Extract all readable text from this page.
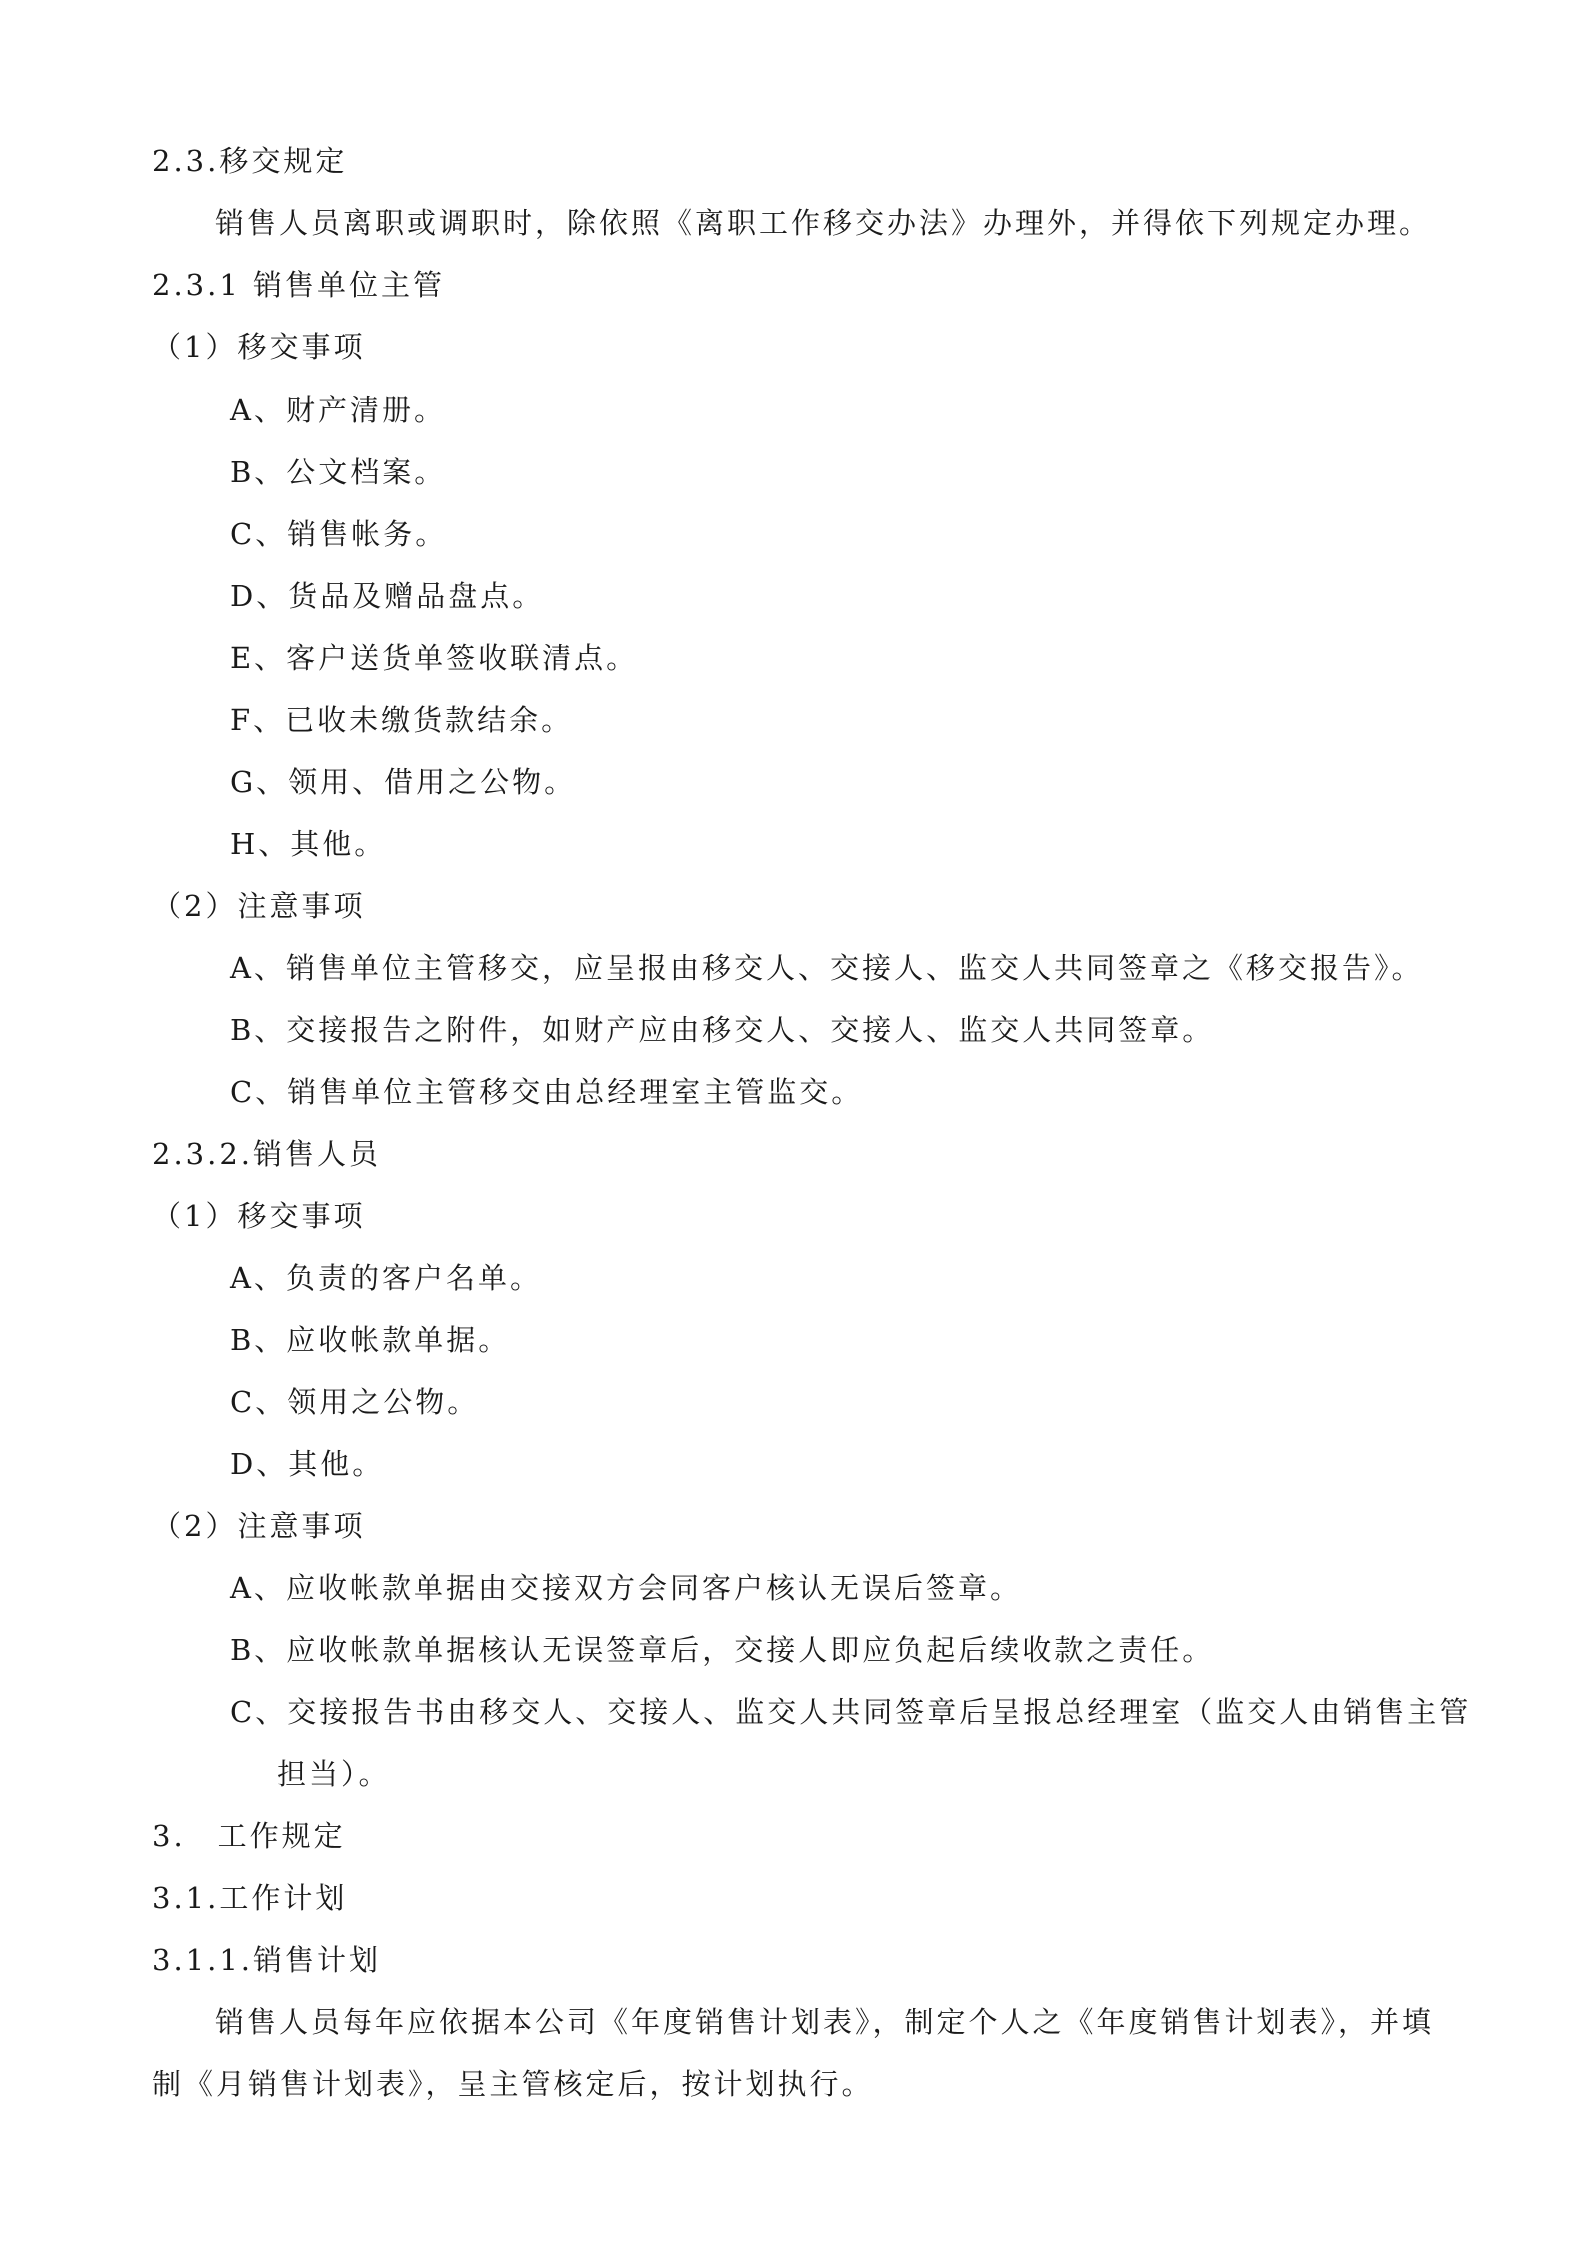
2.3.移交规定
销售人员离职或调职时，除依照《离职工作移交办法》办理外，并得依下列规定办理。
2.3.1 销售单位主管
（1）移交事项
A、财产清册。
B、公文档案。
C、销售帐务。
D、货品及赠品盘点。
E、客户送货单签收联清点。
F、已收未缴货款结余。
G、领用、借用之公物。
H、其他。
（2）注意事项
A、销售单位主管移交，应呈报由移交人、交接人、监交人共同签章之《移交报告》。
B、交接报告之附件，如财产应由移交人、交接人、监交人共同签章。
C、销售单位主管移交由总经理室主管监交。
2.3.2.销售人员
（1）移交事项
A、负责的客户名单。
B、应收帐款单据。
C、领用之公物。
D、其他。
（2）注意事项
A、应收帐款单据由交接双方会同客户核认无误后签章。
B、应收帐款单据核认无误签章后，交接人即应负起后续收款之责任。
C、交接报告书由移交人、交接人、监交人共同签章后呈报总经理室（监交人由销售主管
担当）。
3.　工作规定
3.1.工作计划
3.1.1.销售计划
销售人员每年应依据本公司《年度销售计划表》，制定个人之《年度销售计划表》，并填
制《月销售计划表》，呈主管核定后，按计划执行。
